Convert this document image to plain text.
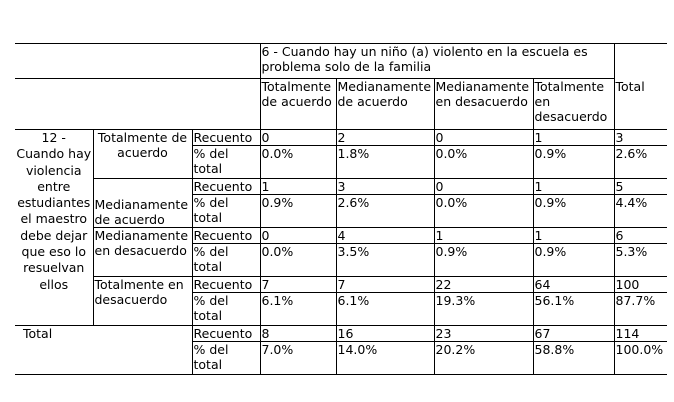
			6 - Cuando hay un niño (a) violento en la escuela es problema solo de la familia				Total
			Totalmente de acuerdo	Medianamente de acuerdo	Medianamente en desacuerdo	Totalmente en desacuerdo	
12 - Cuando hay violencia entre estudiantes el maestro debe dejar que eso lo resuelvan ellos	Totalmente de acuerdo	Recuento	0	2	0	1	3
		% del total	0.0%	1.8%	0.0%	0.9%	2.6%
	Medianamente de acuerdo	Recuento	1	3	0	1	5
		% del total	0.9%	2.6%	0.0%	0.9%	4.4%
	Medianamente en desacuerdo	Recuento	0	4	1	1	6
		% del total	0.0%	3.5%	0.9%	0.9%	5.3%
	Totalmente en desacuerdo	Recuento	7	7	22	64	100
		% del total	6.1%	6.1%	19.3%	56.1%	87.7%
Total		Recuento	8	16	23	67	114
		% del total	7.0%	14.0%	20.2%	58.8%	100.0%
